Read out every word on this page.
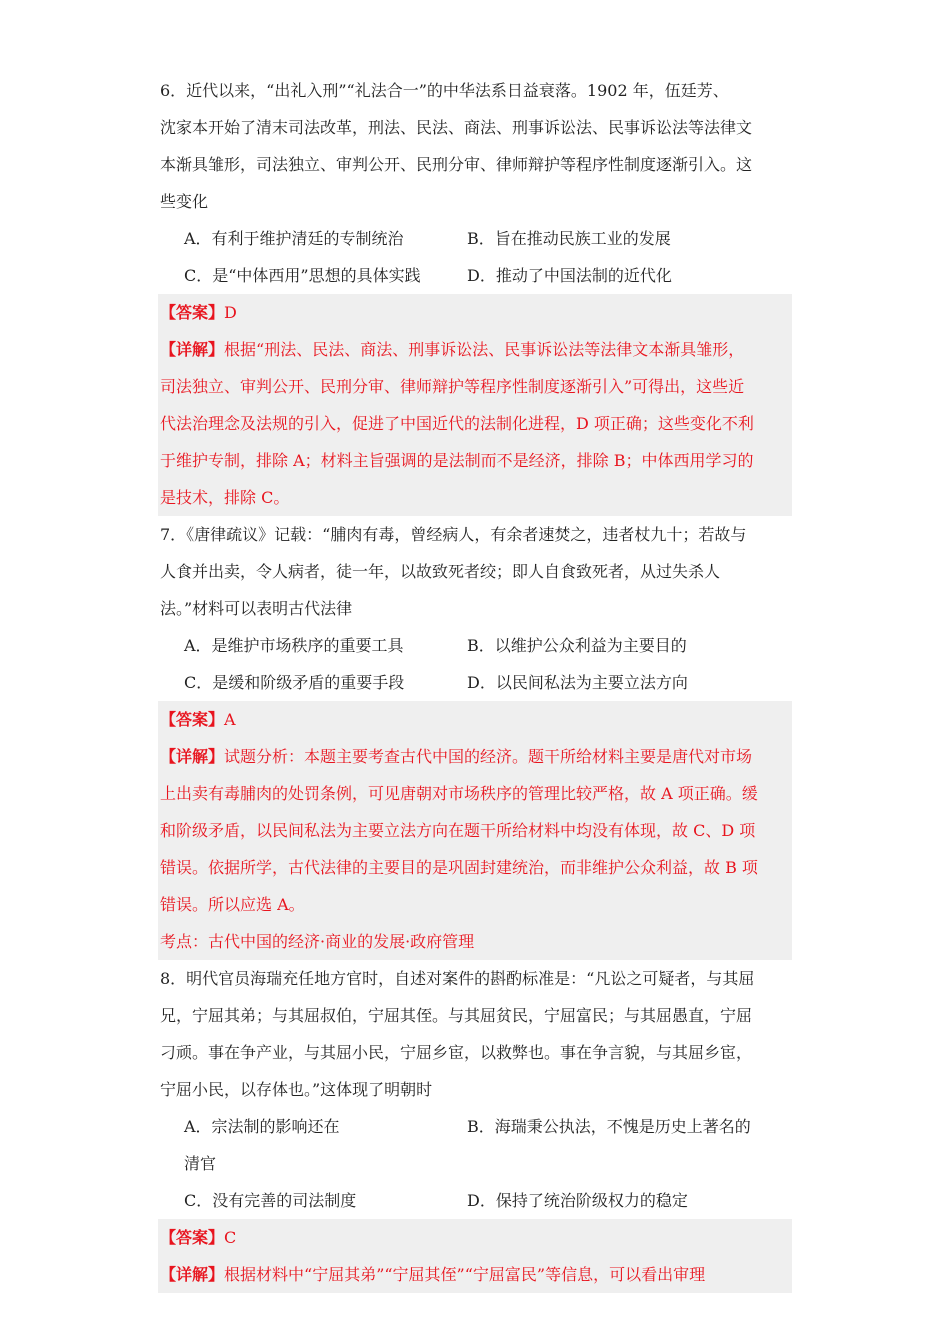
6．近代以来，“出礼入刑”“礼法合一”的中华法系日益衰落。1902 年，伍廷芳、
沈家本开始了清末司法改革，刑法、民法、商法、刑事诉讼法、民事诉讼法等法律文
本渐具雏形，司法独立、审判公开、民刑分审、律师辩护等程序性制度逐渐引入。这
些变化
A．有利于维护清廷的专制统治	B．旨在推动民族工业的发展
C．是“中体西用”思想的具体实践	D．推动了中国法制的近代化
【答案】D
【详解】根据“刑法、民法、商法、刑事诉讼法、民事诉讼法等法律文本渐具雏形，
司法独立、审判公开、民刑分审、律师辩护等程序性制度逐渐引入”可得出，这些近
代法治理念及法规的引入，促进了中国近代的法制化进程，D 项正确；这些变化不利
于维护专制，排除 A；材料主旨强调的是法制而不是经济，排除 B；中体西用学习的
是技术，排除 C。
7．《唐律疏议》记载：“脯肉有毒，曾经病人，有余者速焚之，违者杖九十；若故与
人食并出卖，令人病者，徒一年，以故致死者绞；即人自食致死者，从过失杀人
法。”材料可以表明古代法律
A．是维护市场秩序的重要工具	B．以维护公众利益为主要目的
C．是缓和阶级矛盾的重要手段	D．以民间私法为主要立法方向
【答案】A
【详解】试题分析：本题主要考查古代中国的经济。题干所给材料主要是唐代对市场
上出卖有毒脯肉的处罚条例，可见唐朝对市场秩序的管理比较严格，故 A 项正确。缓
和阶级矛盾，以民间私法为主要立法方向在题干所给材料中均没有体现，故 C、D 项
错误。依据所学，古代法律的主要目的是巩固封建统治，而非维护公众利益，故 B 项
错误。所以应选 A。
考点：古代中国的经济·商业的发展·政府管理
8．明代官员海瑞充任地方官时，自述对案件的斟酌标准是：“凡讼之可疑者，与其屈
兄，宁屈其弟；与其屈叔伯，宁屈其侄。与其屈贫民，宁屈富民；与其屈愚直，宁屈
刁顽。事在争产业，与其屈小民，宁屈乡宦，以救弊也。事在争言貌，与其屈乡宦，
宁屈小民，以存体也。”这体现了明朝时
A．宗法制的影响还在	B．海瑞秉公执法，不愧是历史上著名的
清官
C．没有完善的司法制度	D．保持了统治阶级权力的稳定
【答案】C
【详解】根据材料中“宁屈其弟”“宁屈其侄”“宁屈富民”等信息，可以看出审理
